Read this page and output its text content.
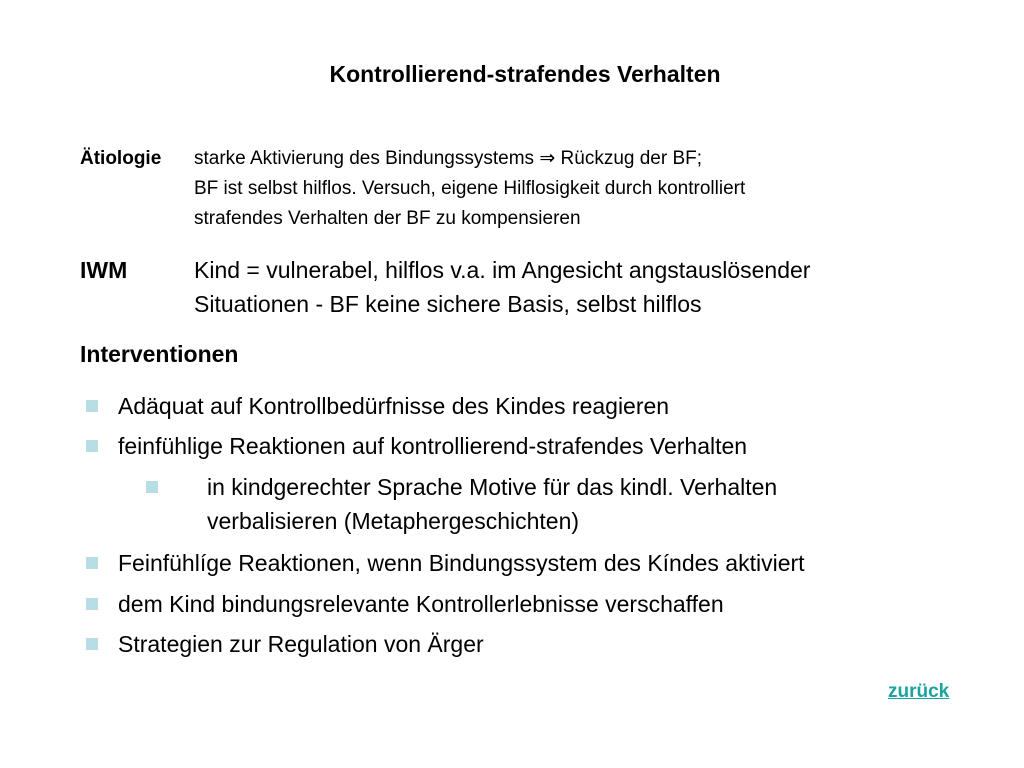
Kontrollierend-strafendes Verhalten
Ätiologie starke Aktivierung des Bindungssystems ⇒ Rückzug der BF;
BF ist selbst hilflos. Versuch, eigene Hilflosigkeit durch kontrolliert
strafendes Verhalten der BF zu kompensieren
IWM	Kind = vulnerabel, hilflos v.a. im Angesicht angstauslösender
Situationen - BF keine sichere Basis, selbst hilflos
Interventionen
Adäquat auf Kontrollbedürfnisse des Kindes reagieren
feinfühlige Reaktionen auf kontrollierend-strafendes Verhalten
in kindgerechter Sprache Motive für das kindl. Verhalten
verbalisieren (Metaphergeschichten)
Feinfühlíge Reaktionen, wenn Bindungssystem des Kíndes aktiviert
dem Kind bindungsrelevante Kontrollerlebnisse verschaffen
Strategien zur Regulation von Ärger
zurück
